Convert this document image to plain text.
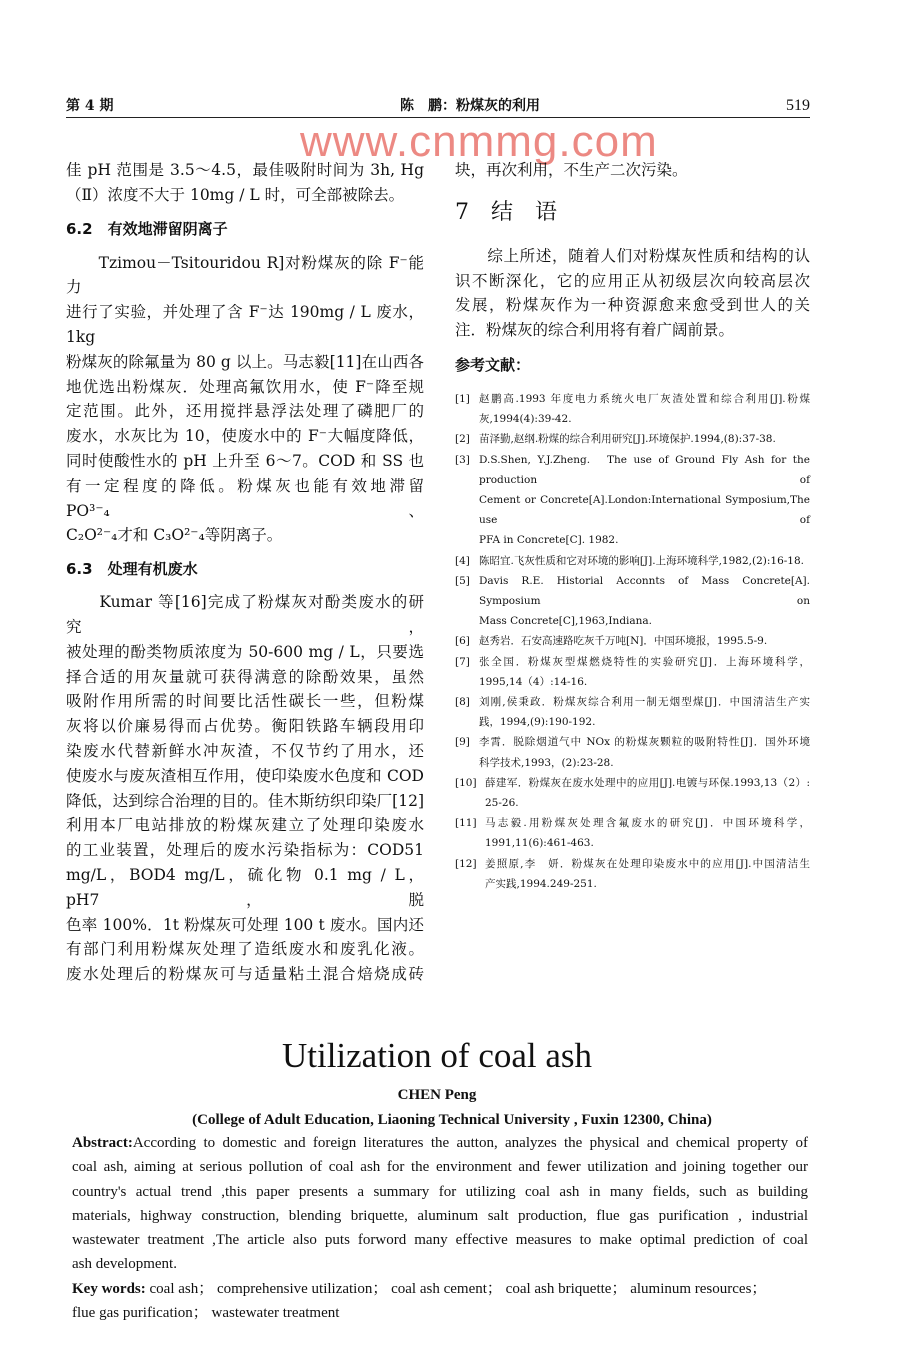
www.cnmmg.com
第 4 期	陈　鹏：粉煤灰的利用	519
佳 pH 范围是 3.5～4.5，最佳吸附时间为 3h, Hg
（Ⅱ）浓度不大于 10mg / L 时，可全部被除去。
6.2　有效地滞留阴离子
　　Tzimou－Tsitouridou R]对粉煤灰的除 F⁻能力
进行了实验，并处理了含 F⁻达 190mg / L 废水，1kg
粉煤灰的除氟量为 80 g 以上。马志毅[11]在山西各
地优选出粉煤灰．处理高氟饮用水，使 F⁻降至规
定范围。此外，还用搅拌悬浮法处理了磷肥厂的
废水，水灰比为 10，使废水中的 F⁻大幅度降低，
同时使酸性水的 pH 上升至 6～7。COD 和 SS 也
有一定程度的降低。粉煤灰也能有效地滞留 PO³⁻₄、
C₂O²⁻₄才和 C₃O²⁻₄等阴离子。
6.3　处理有机废水
　　Kumar 等[16]完成了粉煤灰对酚类废水的研究，
被处理的酚类物质浓度为 50-600 mg / L，只要选
择合适的用灰量就可获得满意的除酚效果，虽然
吸附作用所需的时间要比活性碳长一些，但粉煤
灰将以价廉易得而占优势。衡阳铁路车辆段用印
染废水代替新鲜水冲灰渣，不仅节约了用水，还
使废水与废灰渣相互作用，使印染废水色度和 COD
降低，达到综合治理的目的。佳木斯纺织印染厂[12]
利用本厂电站排放的粉煤灰建立了处理印染废水
的工业装置，处理后的废水污染指标为：COD51
mg/L，BOD4 mg/L，硫化物 0.1 mg / L，pH7，脱
色率 100%．1t 粉煤灰可处理 100 t 废水。国内还
有部门利用粉煤灰处理了造纸废水和废乳化液。
废水处理后的粉煤灰可与适量粘土混合焙烧成砖
块，再次利用，不生产二次污染。
7　结　语
　　综上所述，随着人们对粉煤灰性质和结构的认
识不断深化，它的应用正从初级层次向较高层次
发展，粉煤灰作为一种资源愈来愈受到世人的关
注．粉煤灰的综合利用将有着广阔前景。
参考文献：
[1] 赵鹏高.1993 年度电力系统火电厂灰渣处置和综合利用[J].粉煤
灰,1994(4):39-42.
[2] 苗泽勤,赵纲.粉煤的综合利用研究[J].环境保护.1994,(8):37-38.
[3] D.S.Shen, Y.J.Zheng.　The use of Ground Fly Ash for the production of
Cement or Concrete[A].London:International Symposium,The use of
PFA in Concrete[C]. 1982.
[4] 陈昭宜.飞灰性质和它对环境的影响[J].上海环境科学,1982,(2):16-18.
[5] Davis R.E. Historial Acconnts of Mass Concrete[A].　Symposium on
Mass Concrete[C],1963,Indiana.
[6] 赵秀岩．石安高速路吃灰千万吨[N]．中国环境报，1995.5-9.
[7] 张全国．粉煤灰型煤燃烧特性的实验研究[J]．上海环境科学，
1995,14（4）:14-16.
[8] 刘刚,侯秉政．粉煤灰综合利用一制无烟型煤[J]．中国清洁生产实
践，1994,(9):190-192.
[9] 李霄．脱除烟道气中 NOx 的粉煤灰颗粒的吸附特性[J]．国外环境
科学技术,1993，(2):23-28.
[10] 薛建军．粉煤灰在废水处理中的应用[J].电镀与环保.1993,13（2）:
25-26.
[11] 马志毅.用粉煤灰处理含氟废水的研究[J]．中国环境科学，
1991,11(6):461-463.
[12] 姜照原,李　妍．粉煤灰在处理印染废水中的应用[J].中国清洁生
产实践,1994.249-251.
Utilization of coal ash
CHEN Peng
(College of Adult Education, Liaoning Technical University , Fuxin 12300, China)
Abstract:According to domestic and foreign literatures the autton, analyzes the physical and chemical property of
coal ash, aiming at serious pollution of coal ash for the environment and fewer utilization and joining together our
country's actual trend ,this paper presents a summary for utilizing coal ash in many fields, such as building
materials, highway construction, blending briquette, aluminum salt production, flue gas purification , industrial
wastewater treatment ,The article also puts forword many effective measures to make optimal prediction of coal
ash development.
Key words: coal ash； comprehensive utilization； coal ash cement； coal ash briquette； aluminum resources；
flue gas purification； wastewater treatment
